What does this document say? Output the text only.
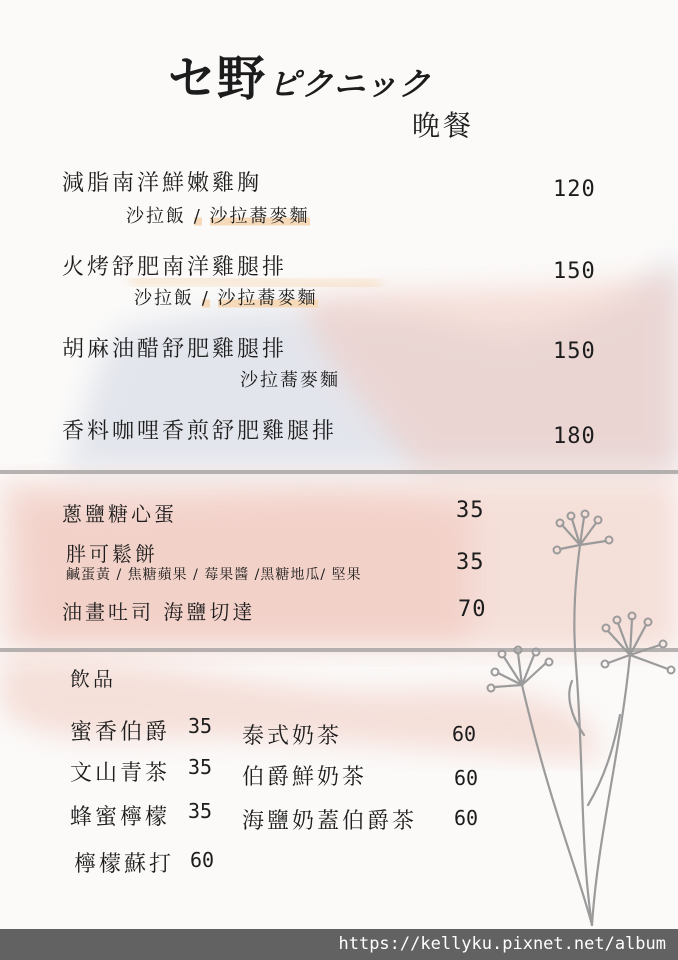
セ野ピクニック
晚餐
減脂南洋鮮嫩雞胸
沙拉飯 / 沙拉蕎麥麵
120
火烤舒肥南洋雞腿排
沙拉飯 / 沙拉蕎麥麵
150
胡麻油醋舒肥雞腿排
沙拉蕎麥麵
150
香料咖哩香煎舒肥雞腿排	180
蔥鹽糖心蛋	35
胖可鬆餅
鹹蛋黃 / 焦糖蘋果 / 莓果醬 /黑糖地瓜/ 堅果	35
油畫吐司 海鹽切達	70
飲品
蜜香伯爵 35
文山青茶 35
蜂蜜檸檬 35
檸檬蘇打 60
泰式奶茶	60
伯爵鮮奶茶	60
海鹽奶蓋伯爵茶 60
https://kellyku.pixnet.net/album
